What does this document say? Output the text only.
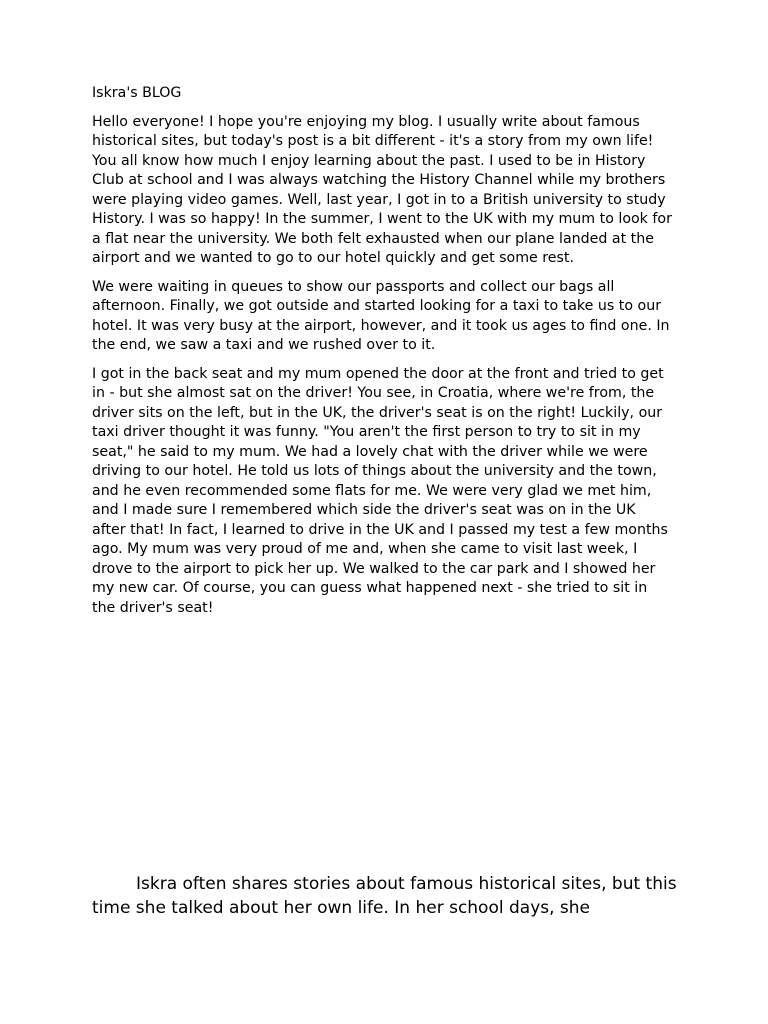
Iskra's BLOG

Hello everyone! I hope you're enjoying my blog. I usually write about famous historical sites, but today's post is a bit different - it's a story from my own life! You all know how much I enjoy learning about the past. I used to be in History Club at school and I was always watching the History Channel while my brothers were playing video games. Well, last year, I got in to a British university to study History. I was so happy! In the summer, I went to the UK with my mum to look for a flat near the university. We both felt exhausted when our plane landed at the airport and we wanted to go to our hotel quickly and get some rest.

We were waiting in queues to show our passports and collect our bags all afternoon. Finally, we got outside and started looking for a taxi to take us to our hotel. It was very busy at the airport, however, and it took us ages to find one. In the end, we saw a taxi and we rushed over to it.

I got in the back seat and my mum opened the door at the front and tried to get in - but she almost sat on the driver! You see, in Croatia, where we're from, the driver sits on the left, but in the UK, the driver's seat is on the right! Luckily, our taxi driver thought it was funny. "You aren't the first person to try to sit in my seat," he said to my mum. We had a lovely chat with the driver while we were driving to our hotel. He told us lots of things about the university and the town, and he even recommended some flats for me. We were very glad we met him, and I made sure I remembered which side the driver's seat was on in the UK after that! In fact, I learned to drive in the UK and I passed my test a few months ago. My mum was very proud of me and, when she came to visit last week, I drove to the airport to pick her up. We walked to the car park and I showed her my new car. Of course, you can guess what happened next - she tried to sit in the driver's seat!

Iskra often shares stories about famous historical sites, but this time she talked about her own life. In her school days, she
